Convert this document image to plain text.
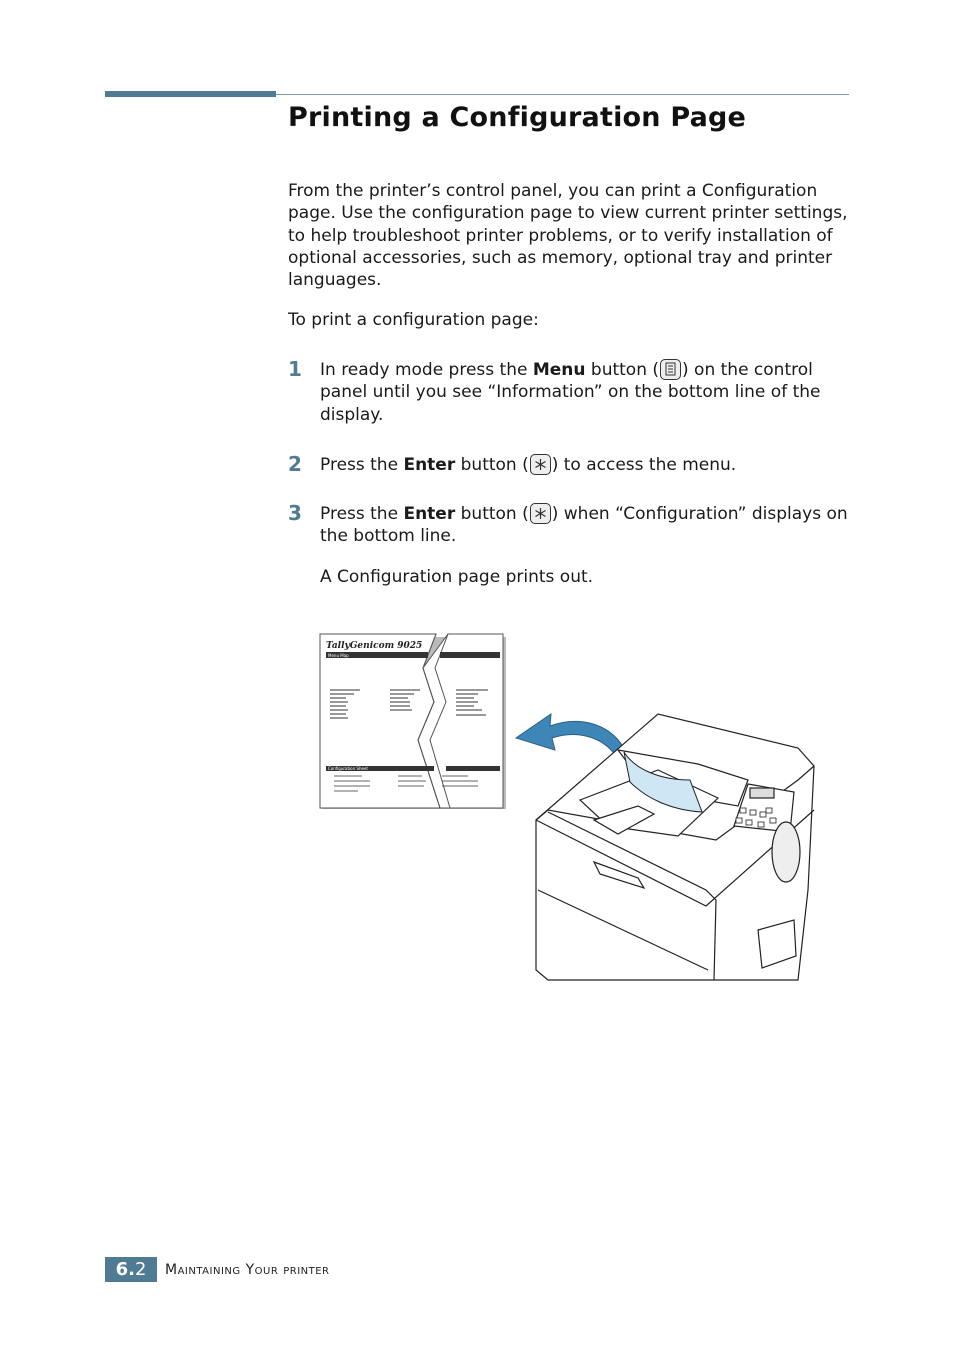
Printing a Configuration Page

From the printer’s control panel, you can print a Configuration page. Use the configuration page to view current printer settings, to help troubleshoot printer problems, or to verify installation of optional accessories, such as memory, optional tray and printer languages.

To print a configuration page:

1 In ready mode press the Menu button ( ) on the control panel until you see “Information” on the bottom line of the display.

2 Press the Enter button ( ) to access the menu.

3 Press the Enter button ( ) when “Configuration” displays on the bottom line.

A Configuration page prints out.

TallyGenicom 9025
Menu Map
Configuration Sheet
6.2	Maintaining Your printer
